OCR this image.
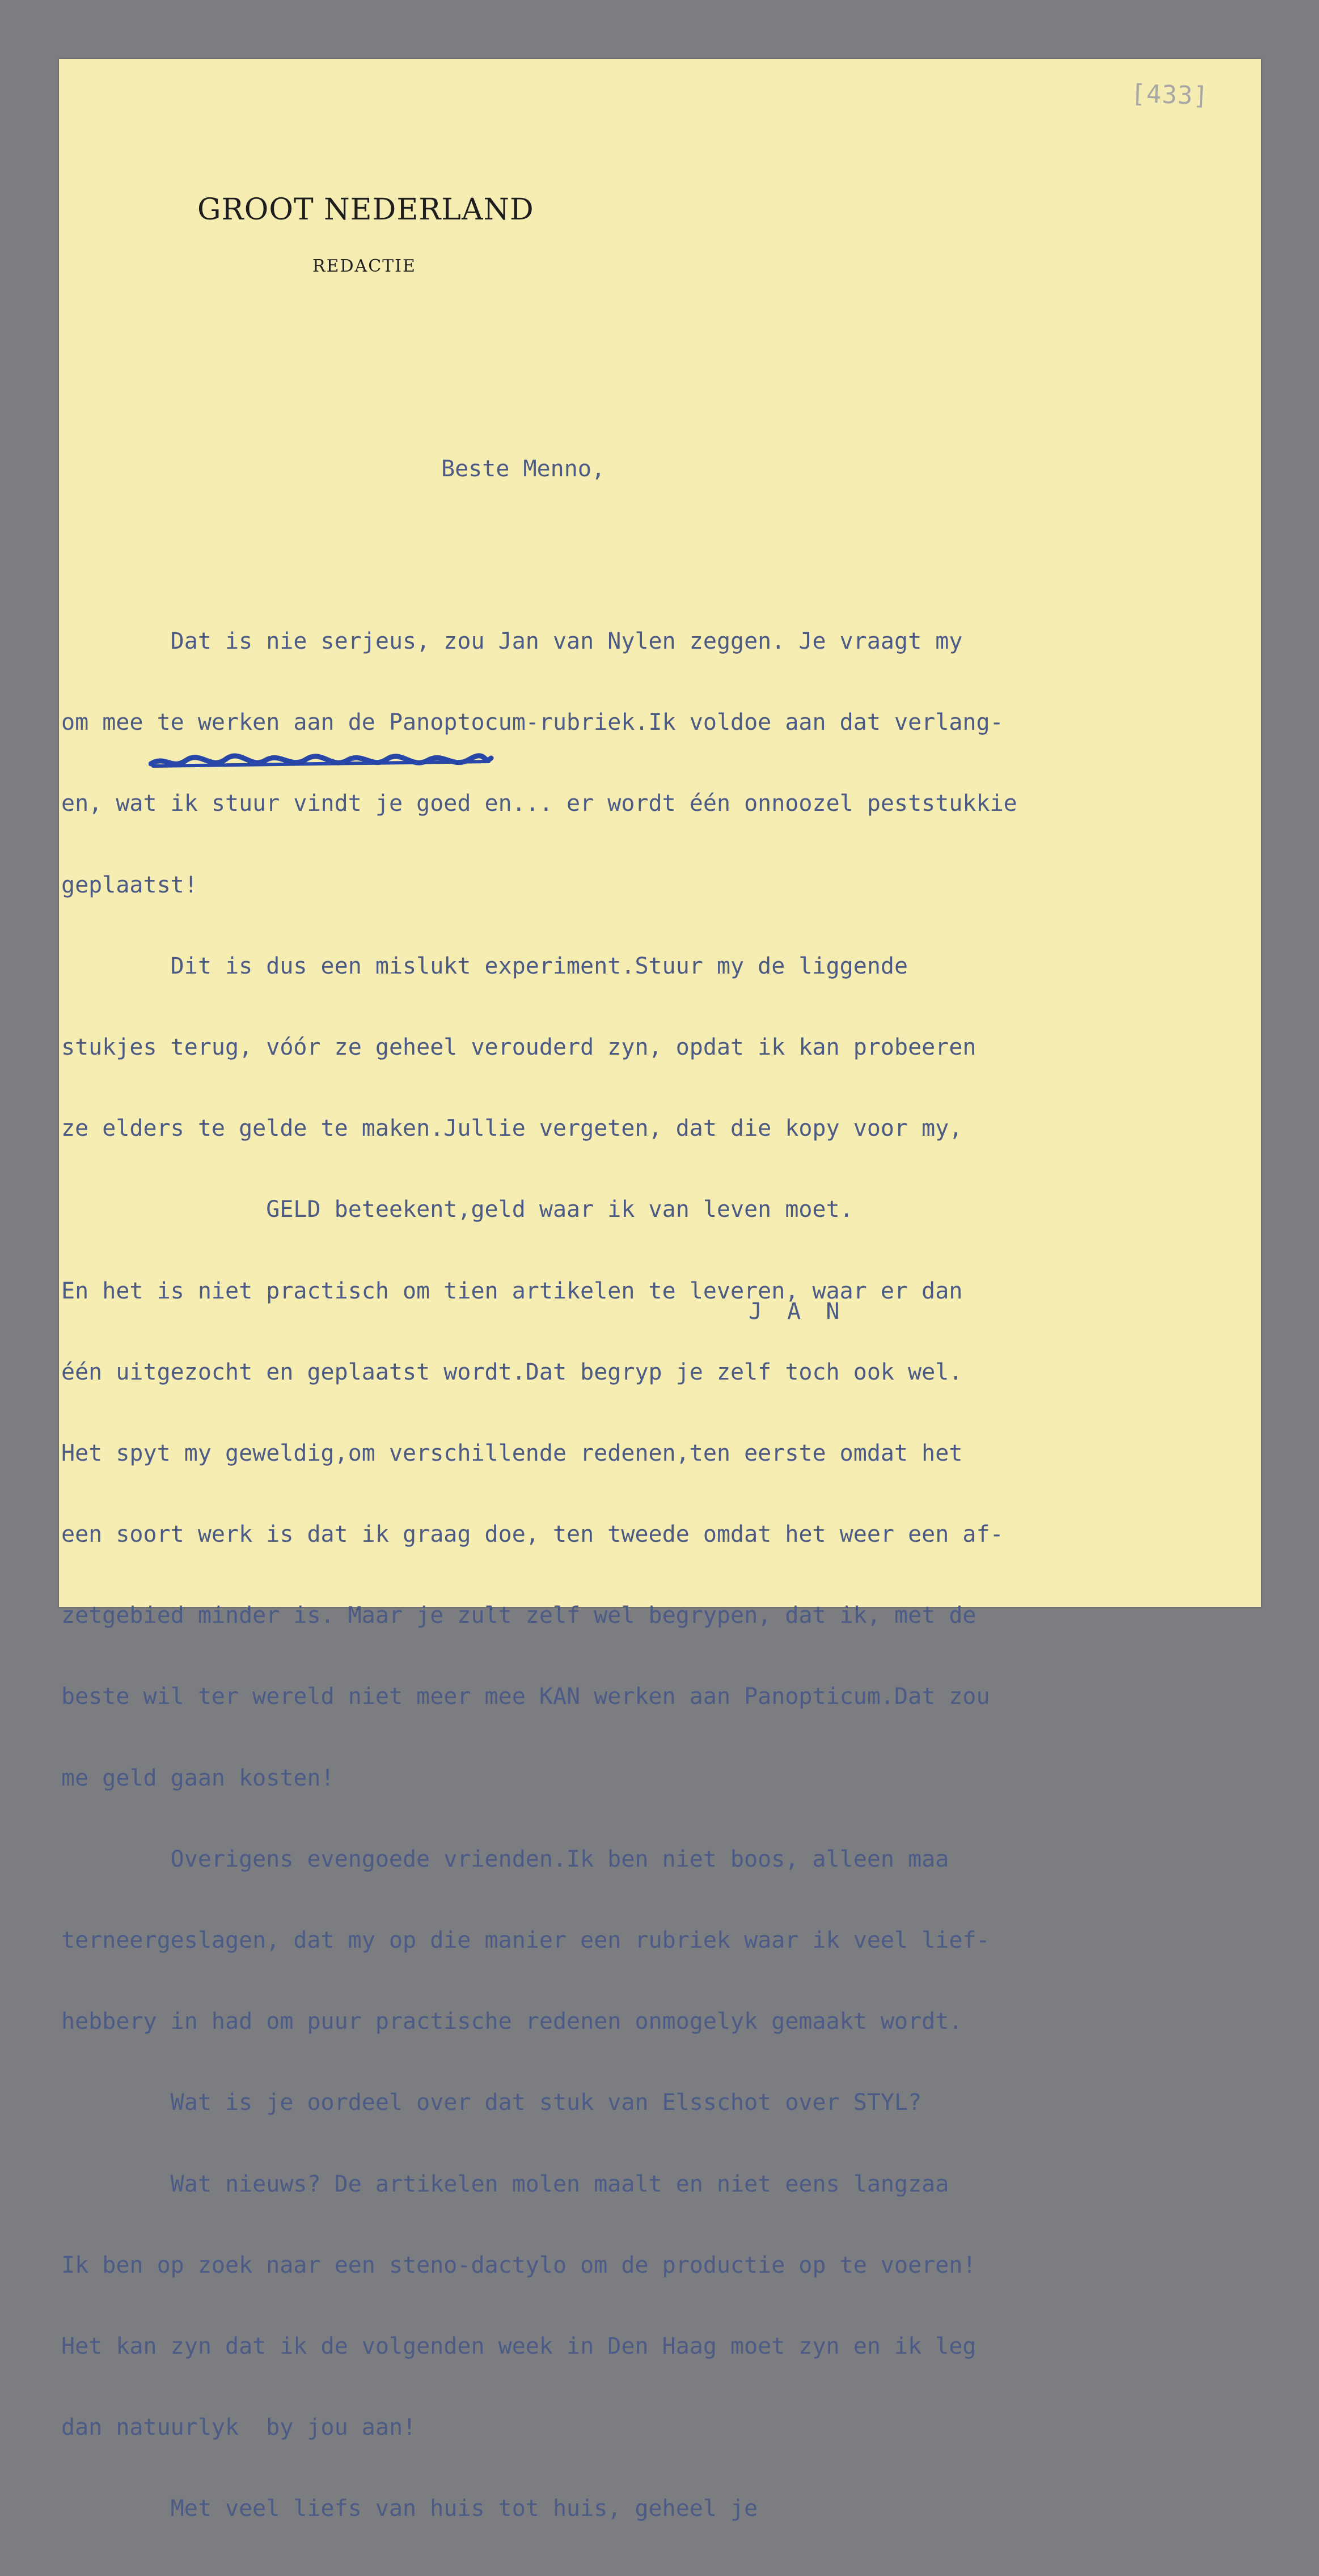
[433]
GROOT NEDERLAND
REDACTIE
Beste Menno,

Dat is nie serjeus, zou Jan van Nylen zeggen. Je vraagt my

om mee te werken aan de Panoptocum-rubriek.Ik voldoe aan dat verlang-

en, wat ik stuur vindt je goed en... er wordt één onnoozel peststukkie

geplaatst!

Dit is dus een mislukt experiment.Stuur my de liggende

stukjes terug, vóór ze geheel verouderd zyn, opdat ik kan probeeren

ze elders te gelde te maken.Jullie vergeten, dat die kopy voor my,

GELD beteekent,geld waar ik van leven moet.

En het is niet practisch om tien artikelen te leveren, waar er dan

één uitgezocht en geplaatst wordt.Dat begryp je zelf toch ook wel.

Het spyt my geweldig,om verschillende redenen,ten eerste omdat het

een soort werk is dat ik graag doe, ten tweede omdat het weer een af-

zetgebied minder is. Maar je zult zelf wel begrypen, dat ik, met de

beste wil ter wereld niet meer mee KAN werken aan Panopticum.Dat zou

me geld gaan kosten!

Overigens evengoede vrienden.Ik ben niet boos, alleen maa

terneergeslagen, dat my op die manier een rubriek waar ik veel lief-

hebbery in had om puur practische redenen onmogelyk gemaakt wordt.

Wat is je oordeel over dat stuk van Elsschot over STYL?

Wat nieuws? De artikelen molen maalt en niet eens langzaa

Ik ben op zoek naar een steno-dactylo om de productie op te voeren!

Het kan zyn dat ik de volgenden week in Den Haag moet zyn en ik leg

dan natuurlyk  by jou aan!

Met veel liefs van huis tot huis, geheel je

J A N
